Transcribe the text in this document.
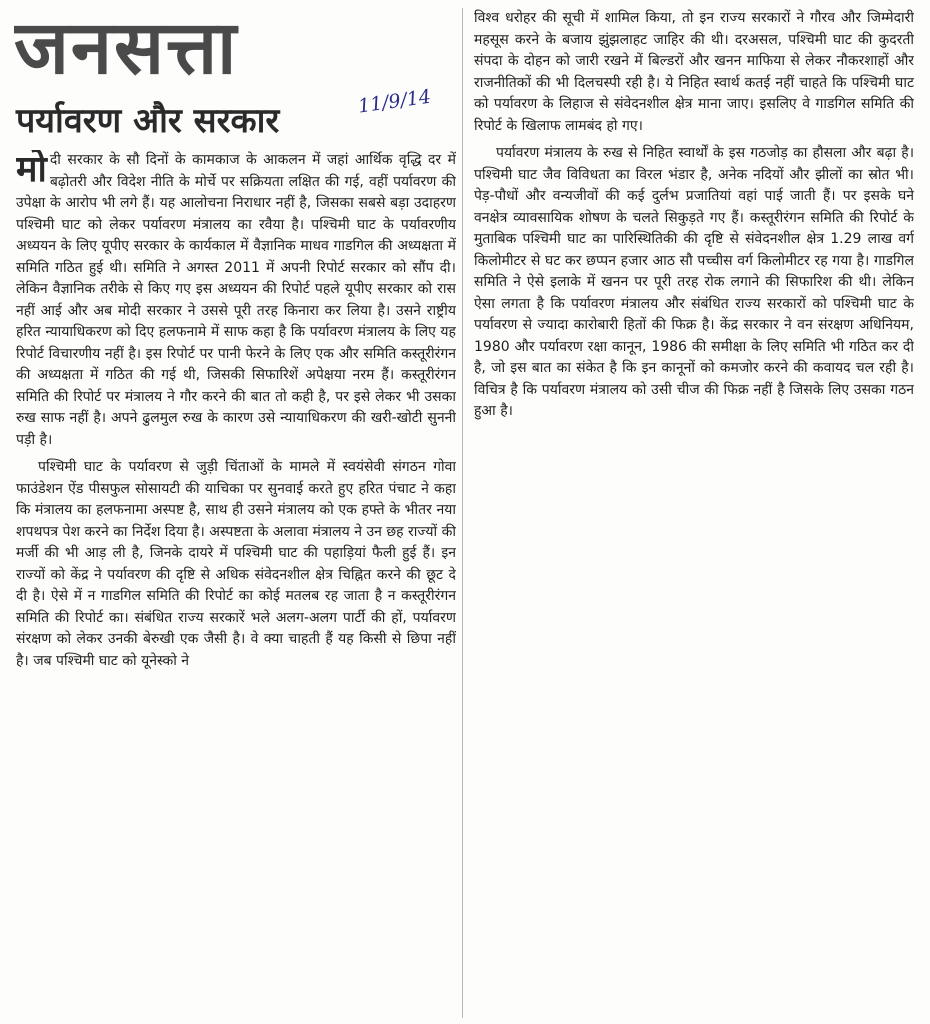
जनसत्ता
11/9/14
पर्यावरण और सरकार

मोदी सरकार के सौ दिनों के कामकाज के आकलन में जहां आर्थिक वृद्धि दर में बढ़ोतरी और विदेश नीति के मोर्चे पर सक्रियता लक्षित की गई, वहीं पर्यावरण की उपेक्षा के आरोप भी लगे हैं। यह आलोचना निराधार नहीं है, जिसका सबसे बड़ा उदाहरण पश्चिमी घाट को लेकर पर्यावरण मंत्रालय का रवैया है। पश्चिमी घाट के पर्यावरणीय अध्ययन के लिए यूपीए सरकार के कार्यकाल में वैज्ञानिक माधव गाडगिल की अध्यक्षता में समिति गठित हुई थी। समिति ने अगस्त 2011 में अपनी रिपोर्ट सरकार को सौंप दी। लेकिन वैज्ञानिक तरीके से किए गए इस अध्ययन की रिपोर्ट पहले यूपीए सरकार को रास नहीं आई और अब मोदी सरकार ने उससे पूरी तरह किनारा कर लिया है। उसने राष्ट्रीय हरित न्यायाधिकरण को दिए हलफनामे में साफ कहा है कि पर्यावरण मंत्रालय के लिए यह रिपोर्ट विचारणीय नहीं है। इस रिपोर्ट पर पानी फेरने के लिए एक और समिति कस्तूरीरंगन की अध्यक्षता में गठित की गई थी, जिसकी सिफारिशें अपेक्षया नरम हैं। कस्तूरीरंगन समिति की रिपोर्ट पर मंत्रालय ने गौर करने की बात तो कही है, पर इसे लेकर भी उसका रुख साफ नहीं है। अपने ढुलमुल रुख के कारण उसे न्यायाधिकरण की खरी-खोटी सुननी पड़ी है।

पश्चिमी घाट के पर्यावरण से जुड़ी चिंताओं के मामले में स्वयंसेवी संगठन गोवा फाउंडेशन ऐंड पीसफुल सोसायटी की याचिका पर सुनवाई करते हुए हरित पंचाट ने कहा कि मंत्रालय का हलफनामा अस्पष्ट है, साथ ही उसने मंत्रालय को एक हफ्ते के भीतर नया शपथपत्र पेश करने का निर्देश दिया है। अस्पष्टता के अलावा मंत्रालय ने उन छह राज्यों की मर्जी की भी आड़ ली है, जिनके दायरे में पश्चिमी घाट की पहाड़ियां फैली हुई हैं। इन राज्यों को केंद्र ने पर्यावरण की दृष्टि से अधिक संवेदनशील क्षेत्र चिह्नित करने की छूट दे दी है। ऐसे में न गाडगिल समिति की रिपोर्ट का कोई मतलब रह जाता है न कस्तूरीरंगन समिति की रिपोर्ट का। संबंधित राज्य सरकारें भले अलग-अलग पार्टी की हों, पर्यावरण संरक्षण को लेकर उनकी बेरुखी एक जैसी है। वे क्या चाहती हैं यह किसी से छिपा नहीं है। जब पश्चिमी घाट को यूनेस्को ने

विश्व धरोहर की सूची में शामिल किया, तो इन राज्य सरकारों ने गौरव और जिम्मेदारी महसूस करने के बजाय झुंझलाहट जाहिर की थी। दरअसल, पश्चिमी घाट की कुदरती संपदा के दोहन को जारी रखने में बिल्डरों और खनन माफिया से लेकर नौकरशाहों और राजनीतिकों की भी दिलचस्पी रही है। ये निहित स्वार्थ कतई नहीं चाहते कि पश्चिमी घाट को पर्यावरण के लिहाज से संवेदनशील क्षेत्र माना जाए। इसलिए वे गाडगिल समिति की रिपोर्ट के खिलाफ लामबंद हो गए।

पर्यावरण मंत्रालय के रुख से निहित स्वार्थों के इस गठजोड़ का हौसला और बढ़ा है। पश्चिमी घाट जैव विविधता का विरल भंडार है, अनेक नदियों और झीलों का स्रोत भी। पेड़-पौधों और वन्यजीवों की कई दुर्लभ प्रजातियां वहां पाई जाती हैं। पर इसके घने वनक्षेत्र व्यावसायिक शोषण के चलते सिकुड़ते गए हैं। कस्तूरीरंगन समिति की रिपोर्ट के मुताबिक पश्चिमी घाट का पारिस्थितिकी की दृष्टि से संवेदनशील क्षेत्र 1.29 लाख वर्ग किलोमीटर से घट कर छप्पन हजार आठ सौ पच्चीस वर्ग किलोमीटर रह गया है। गाडगिल समिति ने ऐसे इलाके में खनन पर पूरी तरह रोक लगाने की सिफारिश की थी। लेकिन ऐसा लगता है कि पर्यावरण मंत्रालय और संबंधित राज्य सरकारों को पश्चिमी घाट के पर्यावरण से ज्यादा कारोबारी हितों की फिक्र है। केंद्र सरकार ने वन संरक्षण अधिनियम, 1980 और पर्यावरण रक्षा कानून, 1986 की समीक्षा के लिए समिति भी गठित कर दी है, जो इस बात का संकेत है कि इन कानूनों को कमजोर करने की कवायद चल रही है। विचित्र है कि पर्यावरण मंत्रालय को उसी चीज की फिक्र नहीं है जिसके लिए उसका गठन हुआ है।
